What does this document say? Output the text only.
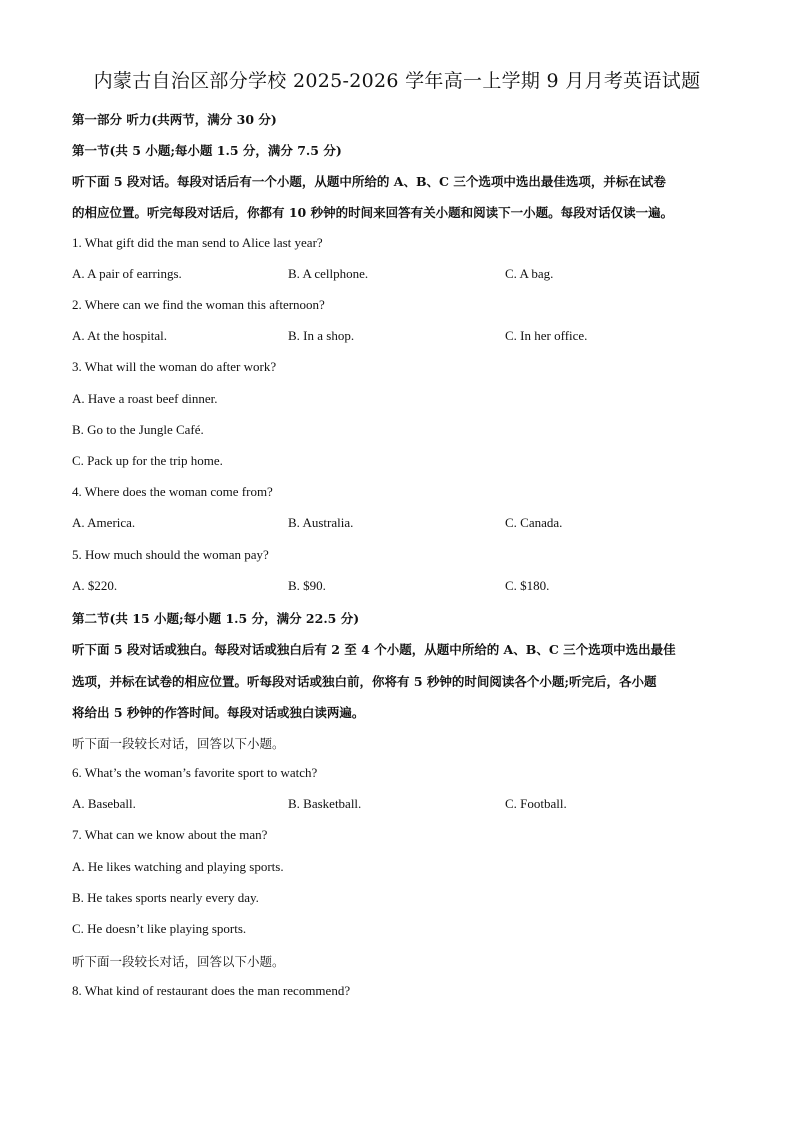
内蒙古自治区部分学校 2025-2026 学年高一上学期 9 月月考英语试题
第一部分 听力(共两节，满分 30 分)
第一节(共 5 小题;每小题 1.5 分，满分 7.5 分)
听下面 5 段对话。每段对话后有一个小题，从题中所给的 A、B、C 三个选项中选出最佳选项，并标在试卷
的相应位置。听完每段对话后，你都有 10 秒钟的时间来回答有关小题和阅读下一小题。每段对话仅读一遍。
1. What gift did the man send to Alice last year?
A. A pair of earrings.	B. A cellphone.	C. A bag.
2. Where can we find the woman this afternoon?
A. At the hospital.	B. In a shop.	C. In her office.
3. What will the woman do after work?
A. Have a roast beef dinner.
B. Go to the Jungle Café.
C. Pack up for the trip home.
4. Where does the woman come from?
A. America.	B. Australia.	C. Canada.
5. How much should the woman pay?
A. $220.	B. $90.	C. $180.
第二节(共 15 小题;每小题 1.5 分，满分 22.5 分)
听下面 5 段对话或独白。每段对话或独白后有 2 至 4 个小题，从题中所给的 A、B、C 三个选项中选出最佳
选项，并标在试卷的相应位置。听每段对话或独白前，你将有 5 秒钟的时间阅读各个小题;听完后，各小题
将给出 5 秒钟的作答时间。每段对话或独白读两遍。
听下面一段较长对话，回答以下小题。
6. What’s the woman’s favorite sport to watch?
A. Baseball.	B. Basketball.	C. Football.
7. What can we know about the man?
A. He likes watching and playing sports.
B. He takes sports nearly every day.
C. He doesn’t like playing sports.
听下面一段较长对话，回答以下小题。
8. What kind of restaurant does the man recommend?
